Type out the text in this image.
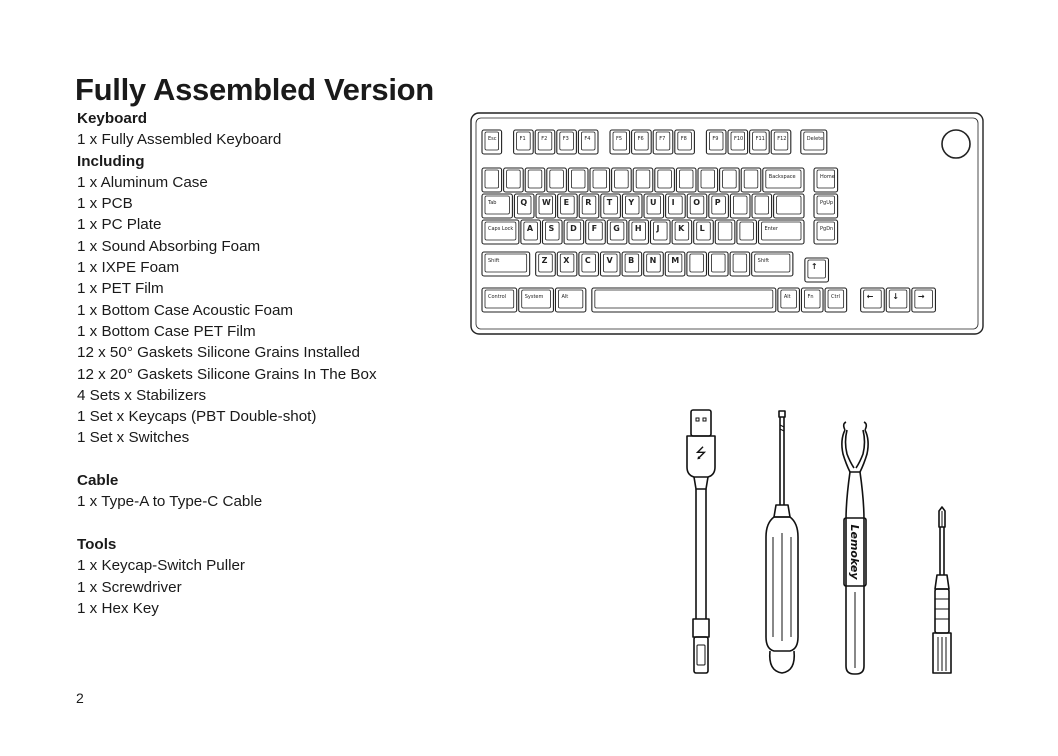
Fully Assembled Version
Keyboard
1 x Fully Assembled Keyboard
Including
1 x Aluminum Case
1 x PCB
1 x PC Plate
1 x Sound Absorbing Foam
1 x IXPE Foam
1 x PET Film
1 x Bottom Case Acoustic Foam
1 x Bottom Case PET Film
12 x 50° Gaskets Silicone Grains Installed
12 x 20° Gaskets Silicone Grains In The Box
4 Sets x Stabilizers
1 Set x Keycaps (PBT Double-shot)
1 Set x Switches
Cable
1 x Type-A to Type-C Cable
Tools
1 x Keycap-Switch Puller
1 x Screwdriver
1 x Hex Key
Esc	F1	F2	F3	F4	F5	F6	F7	F8	F9	F10 F11 F12	Delete
Backspace	Home
Tab	Q W E R T Y U I O P	PgUp
Caps Lock A S D F G H J K L	Enter	PgDn
Shift	Z X C V B N M	Shift
↑
Control	System	Alt	Alt	Fn	Ctrl	← ↓ →
⭍
Lemokey
2
